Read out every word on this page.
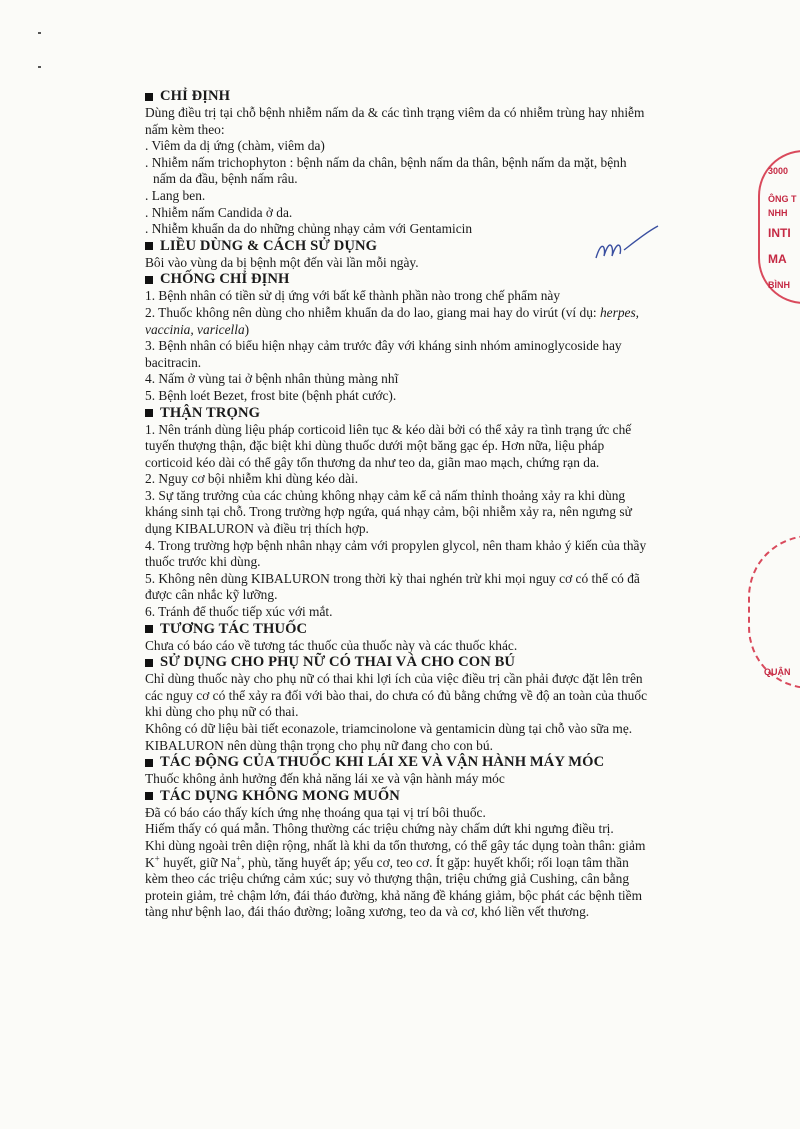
CHỈ ĐỊNH

Dùng điều trị tại chỗ bệnh nhiễm nấm da & các tình trạng viêm da có nhiễm trùng hay nhiễm

nấm kèm theo:

. Viêm da dị ứng (chàm, viêm da)

. Nhiễm nấm trichophyton : bệnh nấm da chân, bệnh nấm da thân, bệnh nấm da mặt, bệnh

nấm da đầu, bệnh nấm râu.

. Lang ben.

. Nhiễm nấm Candida ở da.

. Nhiễm khuẩn da do những chủng nhạy cảm với Gentamicin

LIỀU DÙNG & CÁCH SỬ DỤNG

Bôi vào vùng da bị bệnh một đến vài lần mỗi ngày.

CHỐNG CHỈ ĐỊNH

1. Bệnh nhân có tiền sử dị ứng với bất kể thành phần nào trong chế phẩm này

2. Thuốc không nên dùng cho nhiễm khuẩn da do lao, giang mai hay do virút (ví dụ: herpes,

vaccinia, varicella)

3. Bệnh nhân có biểu hiện nhạy cảm trước đây với kháng sinh nhóm aminoglycoside hay

bacitracin.

4. Nấm ở vùng tai ở bệnh nhân thủng màng nhĩ

5. Bệnh loét Bezet, frost bite (bệnh phát cước).

THẬN TRỌNG

1. Nên tránh dùng liệu pháp corticoid liên tục & kéo dài bởi có thể xảy ra tình trạng ức chế

tuyến thượng thận, đặc biệt khi dùng thuốc dưới một băng gạc ép. Hơn nữa, liệu pháp

corticoid kéo dài có thể gây tổn thương da như teo da, giãn mao mạch, chứng rạn da.

2. Nguy cơ bội nhiễm khi dùng kéo dài.

3. Sự tăng trưởng của các chủng không nhạy cảm kể cả nấm thỉnh thoảng xảy ra khi dùng

kháng sinh tại chỗ. Trong trường hợp ngứa, quá nhạy cảm, bội nhiễm xảy ra, nên ngưng sử

dụng KIBALURON và điều trị thích hợp.

4. Trong trường hợp bệnh nhân nhạy cảm với propylen glycol, nên tham khảo ý kiến của thầy

thuốc trước khi dùng.

5. Không nên dùng KIBALURON trong thời kỳ thai nghén trừ khi mọi nguy cơ có thể có đã

được cân nhắc kỹ lưỡng.

6. Tránh để thuốc tiếp xúc với mắt.

TƯƠNG TÁC THUỐC

Chưa có báo cáo về tương tác thuốc của thuốc này và các thuốc khác.

SỬ DỤNG CHO PHỤ NỮ CÓ THAI VÀ CHO CON BÚ

Chỉ dùng thuốc này cho phụ nữ có thai khi lợi ích của việc điều trị cần phải được đặt lên trên

các nguy cơ có thể xảy ra đối với bào thai, do chưa có đủ bằng chứng về độ an toàn của thuốc

khi dùng cho phụ nữ có thai.

Không có dữ liệu bài tiết econazole, triamcinolone và gentamicin dùng tại chỗ vào sữa mẹ.

KIBALURON nên dùng thận trọng cho phụ nữ đang cho con bú.

TÁC ĐỘNG CỦA THUỐC KHI LÁI XE VÀ VẬN HÀNH MÁY MÓC

Thuốc không ảnh hưởng đến khả năng lái xe và vận hành máy móc

TÁC DỤNG KHÔNG MONG MUỐN

Đã có báo cáo thấy kích ứng nhẹ thoáng qua tại vị trí bôi thuốc.

Hiếm thấy có quá mẫn. Thông thường các triệu chứng này chấm dứt khi ngưng điều trị.

Khi dùng ngoài trên diện rộng, nhất là khi da tổn thương, có thể gây tác dụng toàn thân: giảm

K+ huyết, giữ Na+, phù, tăng huyết áp; yếu cơ, teo cơ. Ít gặp: huyết khối; rối loạn tâm thần

kèm theo các triệu chứng cảm xúc; suy vỏ thượng thận, triệu chứng giả Cushing, cân bằng

protein giảm, trẻ chậm lớn, đái tháo đường, khả năng đề kháng giảm, bộc phát các bệnh tiềm

tàng như bệnh lao, đái tháo đường; loãng xương, teo da và cơ, khó liền vết thương.

3000
ÔNG T
NHH
INTI
MA
BÌNH
QUẬN
